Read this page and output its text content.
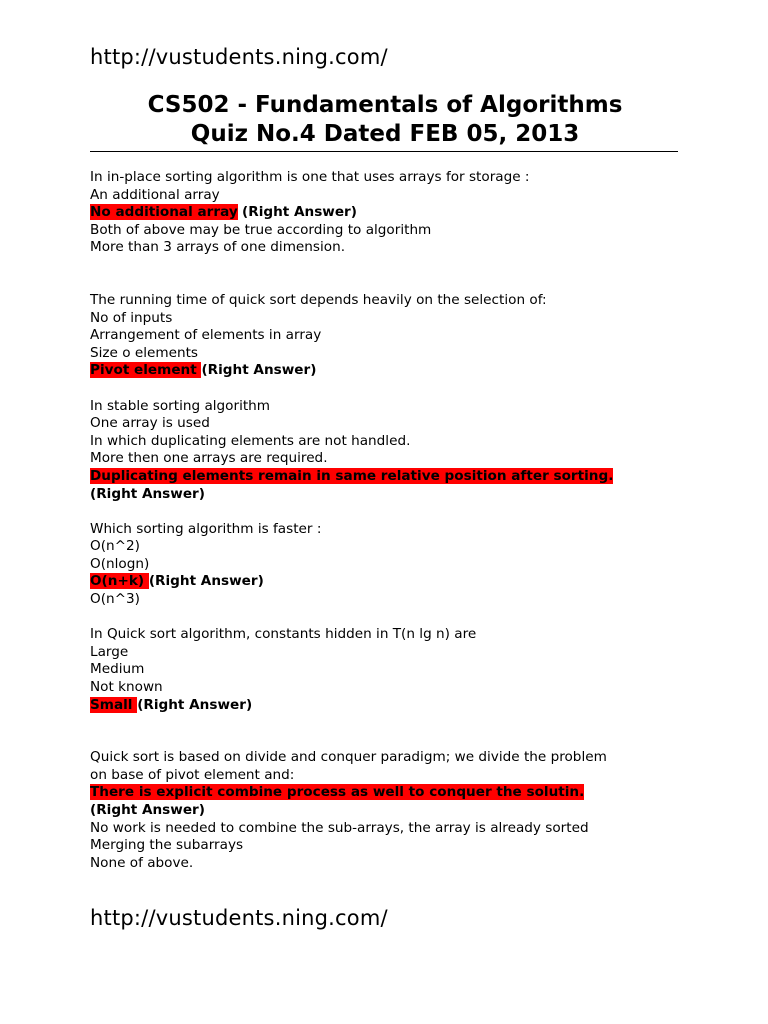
http://vustudents.ning.com/
CS502 - Fundamentals of Algorithms
Quiz No.4 Dated FEB 05, 2013
In in-place sorting algorithm is one that uses arrays for storage :
An additional array
No additional array (Right Answer)
Both of above may be true according to algorithm
More than 3 arrays of one dimension.
The running time of quick sort depends heavily on the selection of:
No of inputs
Arrangement of elements in array
Size o elements
Pivot element (Right Answer)
In stable sorting algorithm
One array is used
In which duplicating elements are not handled.
More then one arrays are required.
Duplicating elements remain in same relative position after sorting.
(Right Answer)
Which sorting algorithm is faster :
O(n^2)
O(nlogn)
O(n+k) (Right Answer)
O(n^3)
In Quick sort algorithm, constants hidden in T(n lg n) are
Large
Medium
Not known
Small (Right Answer)
Quick sort is based on divide and conquer paradigm; we divide the problem
on base of pivot element and:
There is explicit combine process as well to conquer the solutin.
(Right Answer)
No work is needed to combine the sub-arrays, the array is already sorted
Merging the subarrays
None of above.
http://vustudents.ning.com/
